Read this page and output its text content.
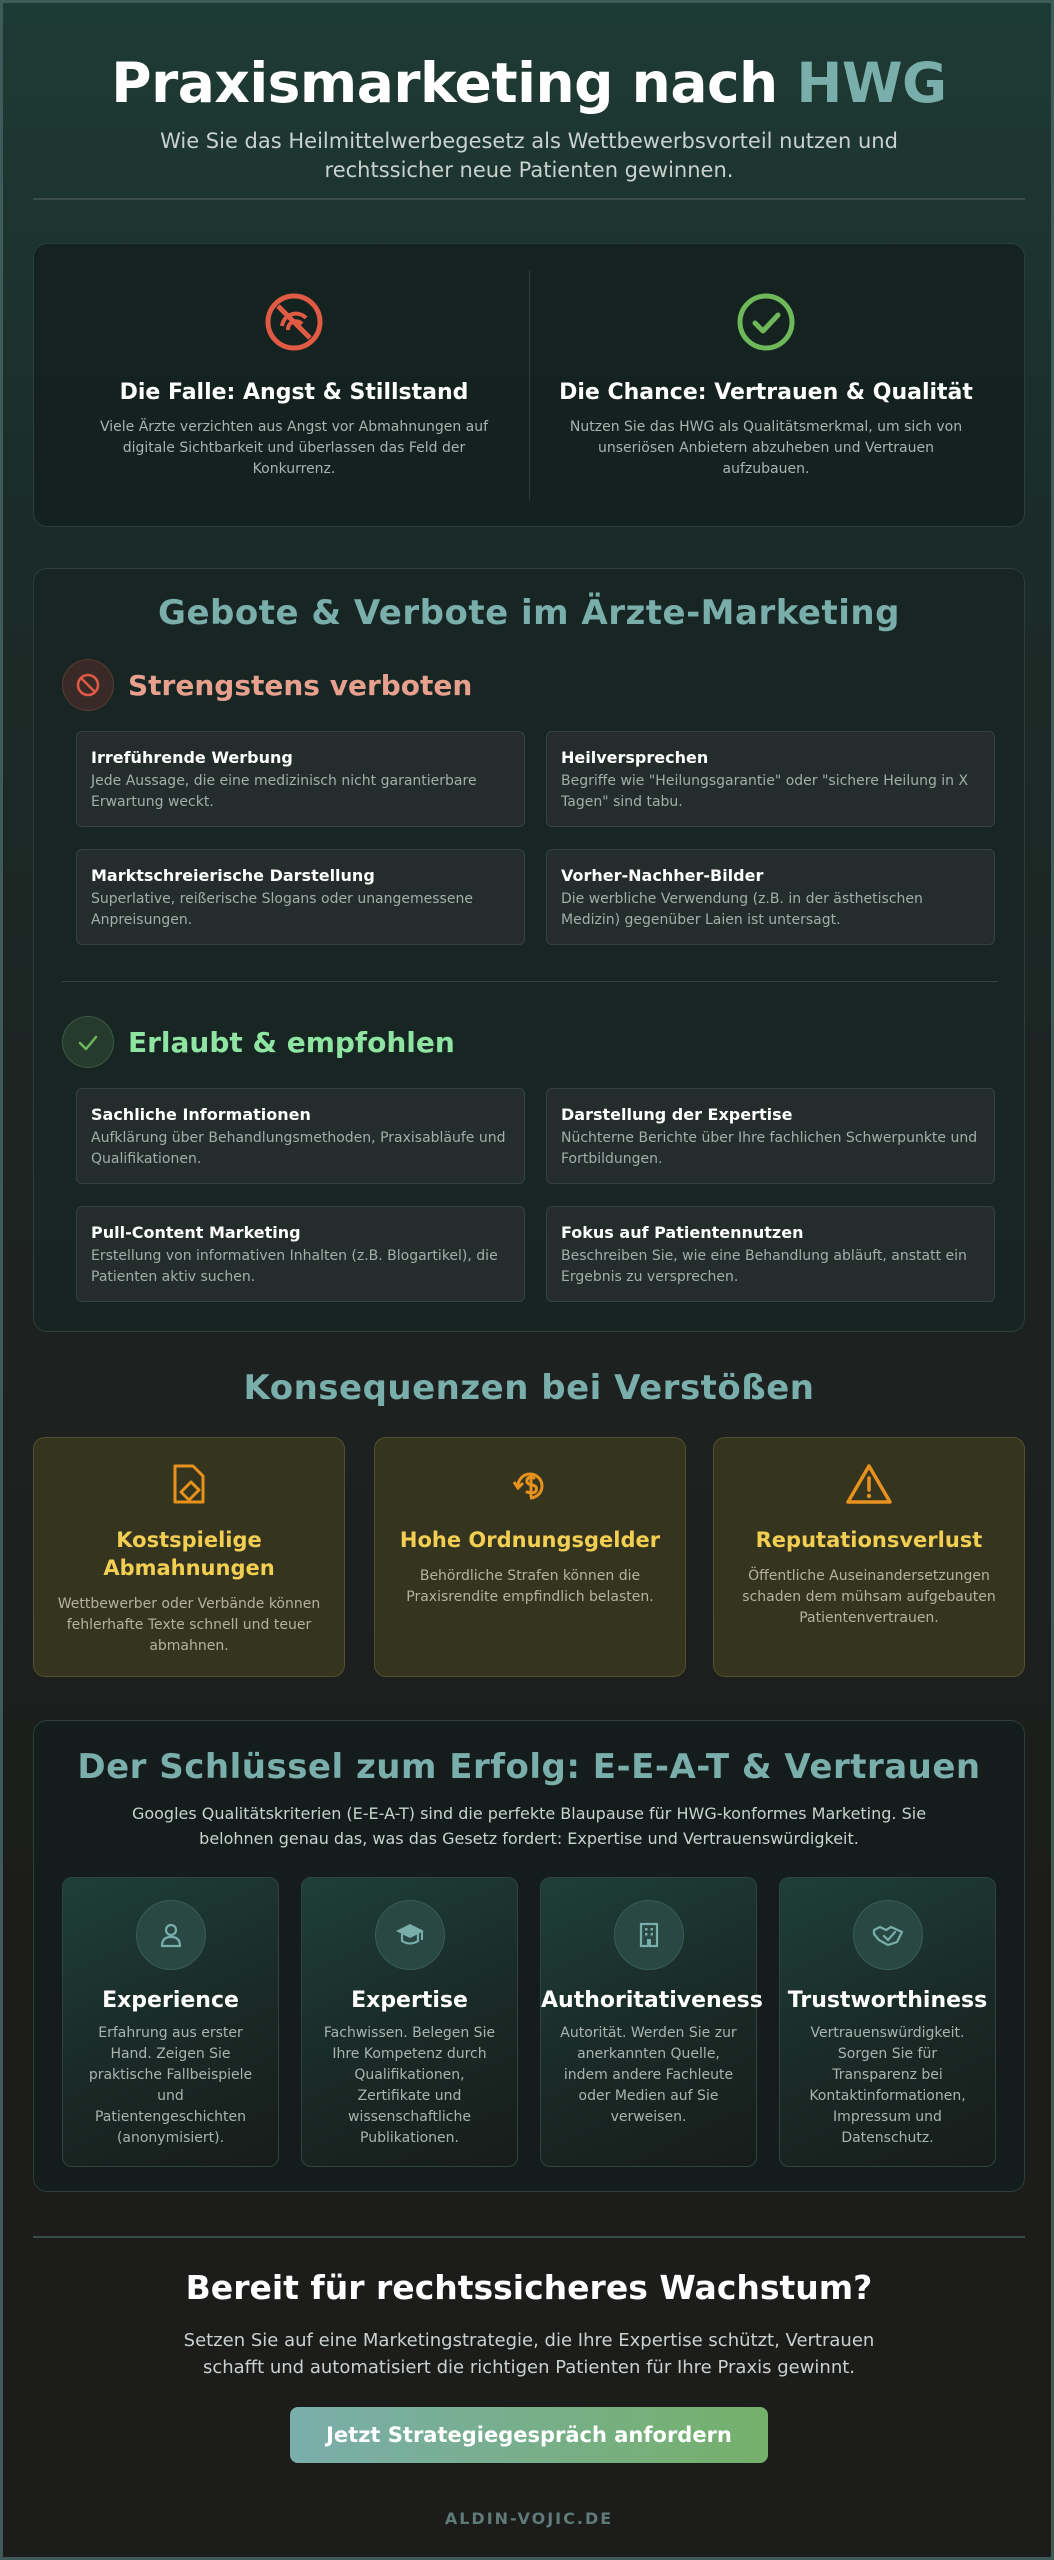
Praxismarketing nach HWG

Wie Sie das Heilmittelwerbegesetz als Wettbewerbsvorteil nutzen und rechtssicher neue Patienten gewinnen.

Die Falle: Angst & Stillstand

Viele Ärzte verzichten aus Angst vor Abmahnungen auf digitale Sichtbarkeit und überlassen das Feld der Konkurrenz.

Die Chance: Vertrauen & Qualität

Nutzen Sie das HWG als Qualitätsmerkmal, um sich von unseriösen Anbietern abzuheben und Vertrauen aufzubauen.

Gebote & Verbote im Ärzte-Marketing
Strengstens verboten
Irreführende Werbung
Jede Aussage, die eine medizinisch nicht garantierbare Erwartung weckt.
Heilversprechen
Begriffe wie "Heilungsgarantie" oder "sichere Heilung in X Tagen" sind tabu.
Marktschreierische Darstellung
Superlative, reißerische Slogans oder unangemessene Anpreisungen.
Vorher-Nachher-Bilder
Die werbliche Verwendung (z.B. in der ästhetischen Medizin) gegenüber Laien ist untersagt.
Erlaubt & empfohlen
Sachliche Informationen
Aufklärung über Behandlungsmethoden, Praxisabläufe und Qualifikationen.
Darstellung der Expertise
Nüchterne Berichte über Ihre fachlichen Schwerpunkte und Fortbildungen.
Pull-Content Marketing
Erstellung von informativen Inhalten (z.B. Blogartikel), die Patienten aktiv suchen.
Fokus auf Patientennutzen
Beschreiben Sie, wie eine Behandlung abläuft, anstatt ein Ergebnis zu versprechen.
Konsequenzen bei Verstößen
Kostspielige Abmahnungen

Wettbewerber oder Verbände können fehlerhafte Texte schnell und teuer abmahnen.

Hohe Ordnungsgelder

Behördliche Strafen können die Praxisrendite empfindlich belasten.

Reputationsverlust

Öffentliche Auseinandersetzungen schaden dem mühsam aufgebauten Patientenvertrauen.

Der Schlüssel zum Erfolg: E-E-A-T & Vertrauen

Googles Qualitätskriterien (E-E-A-T) sind die perfekte Blaupause für HWG-konformes Marketing. Sie belohnen genau das, was das Gesetz fordert: Expertise und Vertrauenswürdigkeit.

Experience

Erfahrung aus erster Hand. Zeigen Sie praktische Fallbeispiele und Patientengeschichten (anonymisiert).

Expertise

Fachwissen. Belegen Sie Ihre Kompetenz durch Qualifikationen, Zertifikate und wissenschaftliche Publikationen.

Authoritativeness

Autorität. Werden Sie zur anerkannten Quelle, indem andere Fachleute oder Medien auf Sie verweisen.

Trustworthiness

Vertrauenswürdigkeit. Sorgen Sie für Transparenz bei Kontaktinformationen, Impressum und Datenschutz.

Bereit für rechtssicheres Wachstum?

Setzen Sie auf eine Marketingstrategie, die Ihre Expertise schützt, Vertrauen schafft und automatisiert die richtigen Patienten für Ihre Praxis gewinnt.

Jetzt Strategiegespräch anfordern
ALDIN-VOJIC.DE
